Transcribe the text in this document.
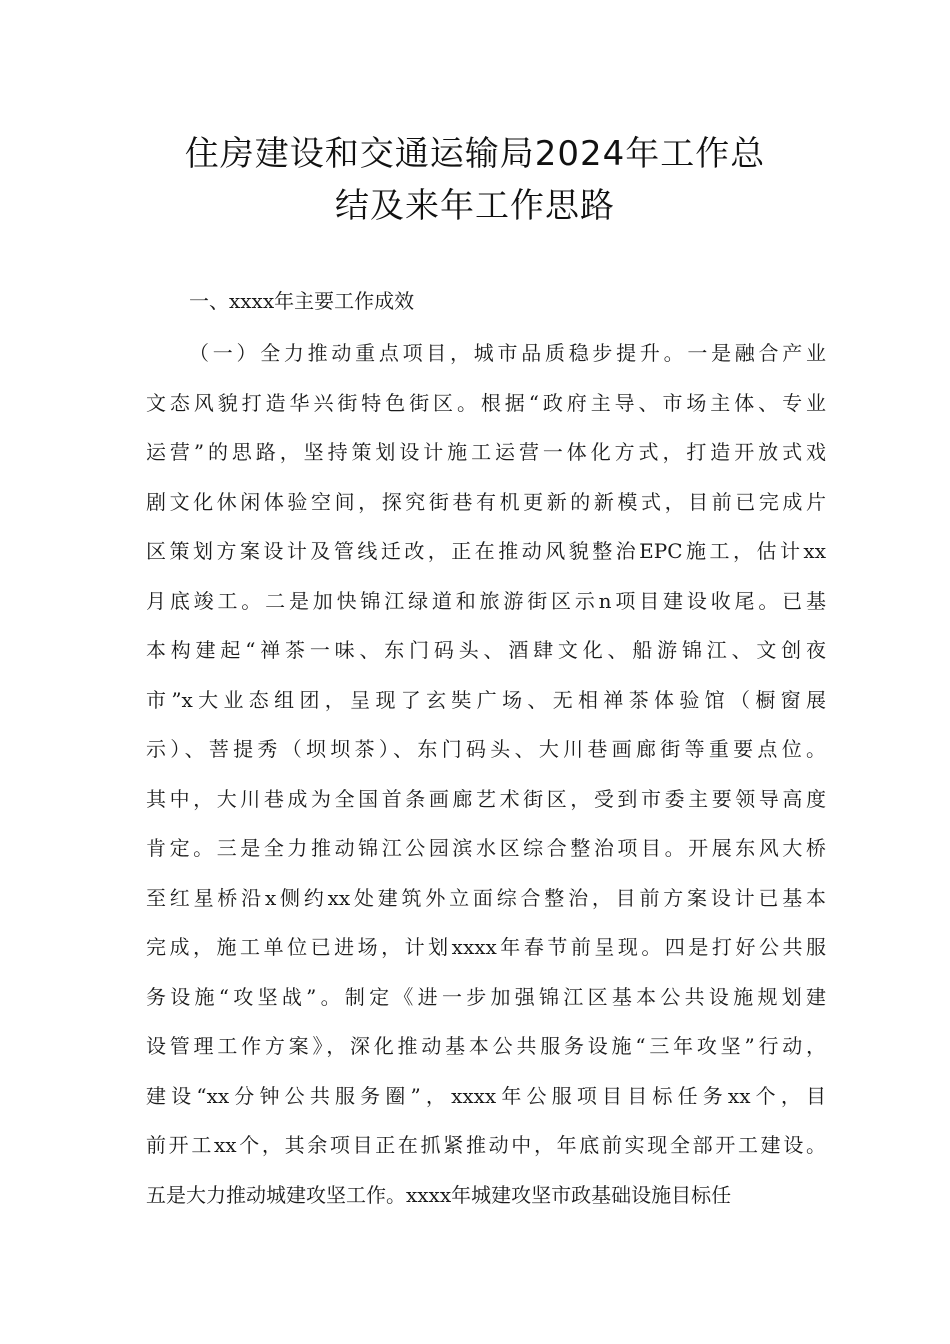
住房建设和交通运输局2024年工作总
结及来年工作思路

一、xxxx年主要工作成效

（一）全力推动重点项目，城市品质稳步提升。一是融合产业
文态风貌打造华兴街特色街区。根据“政府主导、市场主体、专业
运营”的思路，坚持策划设计施工运营一体化方式，打造开放式戏
剧文化休闲体验空间，探究街巷有机更新的新模式，目前已完成片
区策划方案设计及管线迁改，正在推动风貌整治EPC施工，估计xx
月底竣工。二是加快锦江绿道和旅游街区示n项目建设收尾。已基
本构建起“禅茶一味、东门码头、酒肆文化、船游锦江、文创夜
市”x大业态组团，呈现了玄奘广场、无相禅茶体验馆（橱窗展
示）、菩提秀（坝坝茶）、东门码头、大川巷画廊街等重要点位。
其中，大川巷成为全国首条画廊艺术街区，受到市委主要领导高度
肯定。三是全力推动锦江公园滨水区综合整治项目。开展东风大桥
至红星桥沿x侧约xx处建筑外立面综合整治，目前方案设计已基本
完成，施工单位已进场，计划xxxx年春节前呈现。四是打好公共服
务设施“攻坚战”。制定《进一步加强锦江区基本公共设施规划建
设管理工作方案》，深化推动基本公共服务设施“三年攻坚”行动，
建设“xx分钟公共服务圈”，xxxx年公服项目目标任务xx个，目
前开工xx个，其余项目正在抓紧推动中，年底前实现全部开工建设。
五是大力推动城建攻坚工作。xxxx年城建攻坚市政基础设施目标任
